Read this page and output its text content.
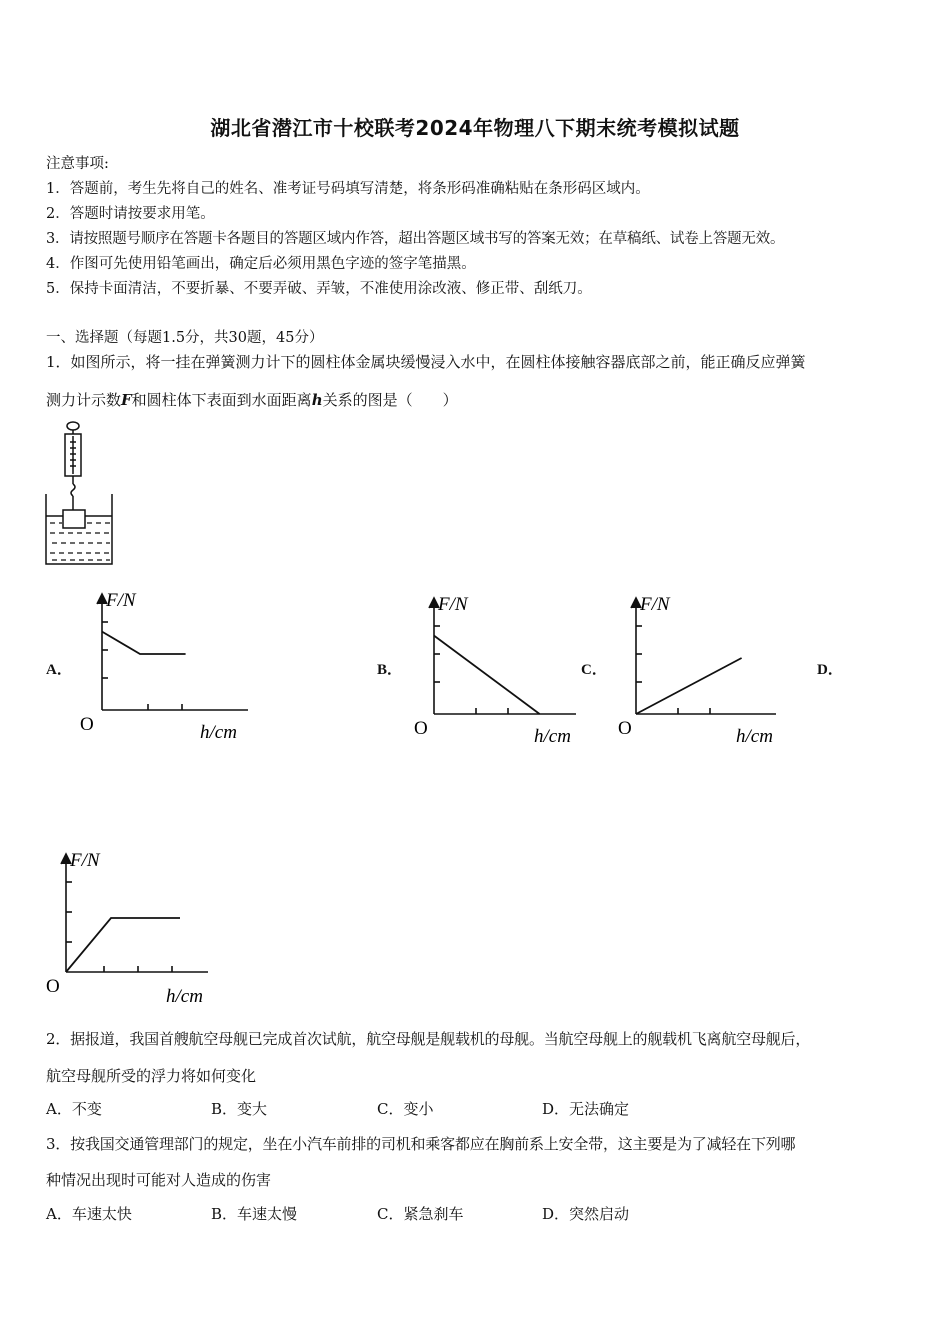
湖北省潜江市十校联考2024年物理八下期末统考模拟试题
注意事项:
1．答题前，考生先将自己的姓名、准考证号码填写清楚，将条形码准确粘贴在条形码区域内。
2．答题时请按要求用笔。
3．请按照题号顺序在答题卡各题目的答题区域内作答，超出答题区域书写的答案无效；在草稿纸、试卷上答题无效。
4．作图可先使用铅笔画出，确定后必须用黑色字迹的签字笔描黑。
5．保持卡面清洁，不要折暴、不要弄破、弄皱，不准使用涂改液、修正带、刮纸刀。
一、选择题（每题1.5分，共30题，45分）
1．如图所示，将一挂在弹簧测力计下的圆柱体金属块缓慢浸入水中，在圆柱体接触容器底部之前，能正确反应弹簧
测力计示数F和圆柱体下表面到水面距离h关系的图是（　　）
A．	B．	C．	D．
F/N
O	h/cm
F/N
O	h/cm
F/N
O	h/cm
F/N
O	h/cm
2．据报道，我国首艘航空母舰已完成首次试航，航空母舰是舰载机的母舰。当航空母舰上的舰载机飞离航空母舰后，
航空母舰所受的浮力将如何变化
A．不变	B．变大	C．变小	D．无法确定
3．按我国交通管理部门的规定，坐在小汽车前排的司机和乘客都应在胸前系上安全带，这主要是为了减轻在下列哪
种情况出现时可能对人造成的伤害
A．车速太快	B．车速太慢	C．紧急刹车	D．突然启动
